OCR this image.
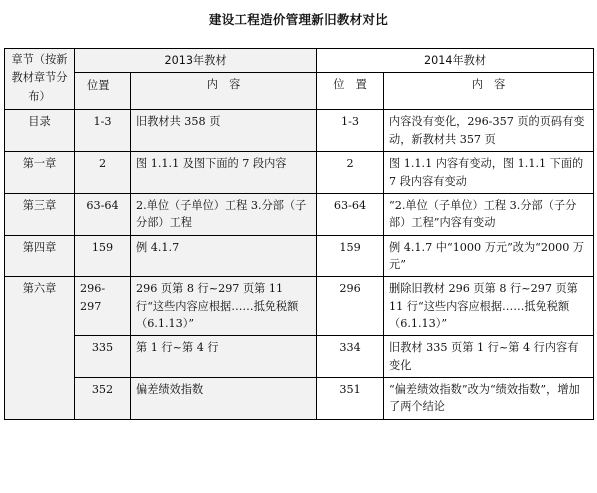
建设工程造价管理新旧教材对比
章节（按新教材章节分布）	2013年教材		2014年教材	
	位置	内　容	位　置	内　容
目录	1-3	旧教材共 358 页	1-3	内容没有变化，296-357 页的页码有变动，新教材共 357 页
第一章	2	图 1.1.1 及图下面的 7 段内容	2	图 1.1.1 内容有变动，图 1.1.1 下面的 7 段内容有变动
第三章	63-64	2.单位（子单位）工程 3.分部（子分部）工程	63-64	“2.单位（子单位）工程 3.分部（子分部）工程”内容有变动
第四章	159	例 4.1.7	159	例 4.1.7 中“1000 万元”改为“2000 万元”
第六章	296-297	296 页第 8 行~297 页第 11 行“这些内容应根据……抵免税额（6.1.13）”	296	删除旧教材 296 页第 8 行~297 页第 11 行“这些内容应根据……抵免税额（6.1.13）”
	335	第 1 行~第 4 行	334	旧教材 335 页第 1 行~第 4 行内容有变化
	352	偏差绩效指数	351	“偏差绩效指数”改为“绩效指数”，增加了两个结论
